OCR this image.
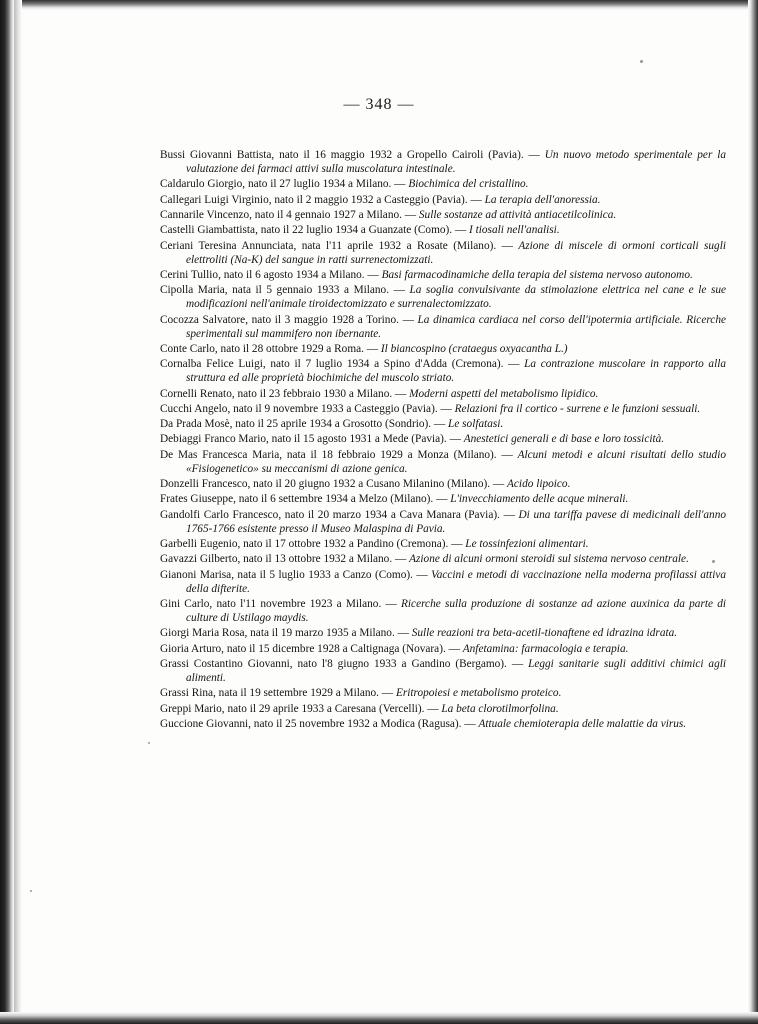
— 348 —

Bussi Giovanni Battista, nato il 16 maggio 1932 a Gropello Cairoli (Pavia). — Un nuovo metodo sperimentale per la valutazione dei farmaci attivi sulla muscolatura intestinale.

Caldarulo Giorgio, nato il 27 luglio 1934 a Milano. — Biochimica del cristallino.

Callegari Luigi Virginio, nato il 2 maggio 1932 a Casteggio (Pavia). — La terapia dell'anoressia.

Cannarile Vincenzo, nato il 4 gennaio 1927 a Milano. — Sulle sostanze ad attività antiacetilcolinica.

Castelli Giambattista, nato il 22 luglio 1934 a Guanzate (Como). — I tiosali nell'analisi.

Ceriani Teresina Annunciata, nata l'11 aprile 1932 a Rosate (Milano). — Azione di miscele di ormoni corticali sugli elettroliti (Na-K) del sangue in ratti surrenectomizzati.

Cerini Tullio, nato il 6 agosto 1934 a Milano. — Basi farmacodinamiche della terapia del sistema nervoso autonomo.

Cipolla Maria, nata il 5 gennaio 1933 a Milano. — La soglia convulsivante da stimolazione elettrica nel cane e le sue modificazioni nell'animale tiroidectomizzato e surrenalectomizzato.

Cocozza Salvatore, nato il 3 maggio 1928 a Torino. — La dinamica cardiaca nel corso dell'ipotermia artificiale. Ricerche sperimentali sul mammifero non ibernante.

Conte Carlo, nato il 28 ottobre 1929 a Roma. — Il biancospino (crataegus oxyacantha L.)

Cornalba Felice Luigi, nato il 7 luglio 1934 a Spino d'Adda (Cremona). — La contrazione muscolare in rapporto alla struttura ed alle proprietà biochimiche del muscolo striato.

Cornelli Renato, nato il 23 febbraio 1930 a Milano. — Moderni aspetti del metabolismo lipidico.

Cucchi Angelo, nato il 9 novembre 1933 a Casteggio (Pavia). — Relazioni fra il cortico - surrene e le funzioni sessuali.

Da Prada Mosè, nato il 25 aprile 1934 a Grosotto (Sondrio). — Le solfatasi.

Debiaggi Franco Mario, nato il 15 agosto 1931 a Mede (Pavia). — Anestetici generali e di base e loro tossicità.

De Mas Francesca Maria, nata il 18 febbraio 1929 a Monza (Milano). — Alcuni metodi e alcuni risultati dello studio «Fisiogenetico» su meccanismi di azione genica.

Donzelli Francesco, nato il 20 giugno 1932 a Cusano Milanino (Milano). — Acido lipoico.

Frates Giuseppe, nato il 6 settembre 1934 a Melzo (Milano). — L'invecchiamento delle acque minerali.

Gandolfi Carlo Francesco, nato il 20 marzo 1934 a Cava Manara (Pavia). — Di una tariffa pavese di medicinali dell'anno 1765-1766 esistente presso il Museo Malaspina di Pavia.

Garbelli Eugenio, nato il 17 ottobre 1932 a Pandino (Cremona). — Le tossinfezioni alimentari.

Gavazzi Gilberto, nato il 13 ottobre 1932 a Milano. — Azione di alcuni ormoni steroidi sul sistema nervoso centrale.

Gianoni Marisa, nata il 5 luglio 1933 a Canzo (Como). — Vaccini e metodi di vaccinazione nella moderna profilassi attiva della difterite.

Gini Carlo, nato l'11 novembre 1923 a Milano. — Ricerche sulla produzione di sostanze ad azione auxinica da parte di culture di Ustilago maydis.

Giorgi Maria Rosa, nata il 19 marzo 1935 a Milano. — Sulle reazioni tra beta-acetil-tionaftene ed idrazina idrata.

Gioria Arturo, nato il 15 dicembre 1928 a Caltignaga (Novara). — Anfetamina: farmacologia e terapia.

Grassi Costantino Giovanni, nato l'8 giugno 1933 a Gandino (Bergamo). — Leggi sanitarie sugli additivi chimici agli alimenti.

Grassi Rina, nata il 19 settembre 1929 a Milano. — Eritropoiesi e metabolismo proteico.

Greppi Mario, nato il 29 aprile 1933 a Caresana (Vercelli). — La beta clorotilmorfolina.

Guccione Giovanni, nato il 25 novembre 1932 a Modica (Ragusa). — Attuale chemioterapia delle malattie da virus.
